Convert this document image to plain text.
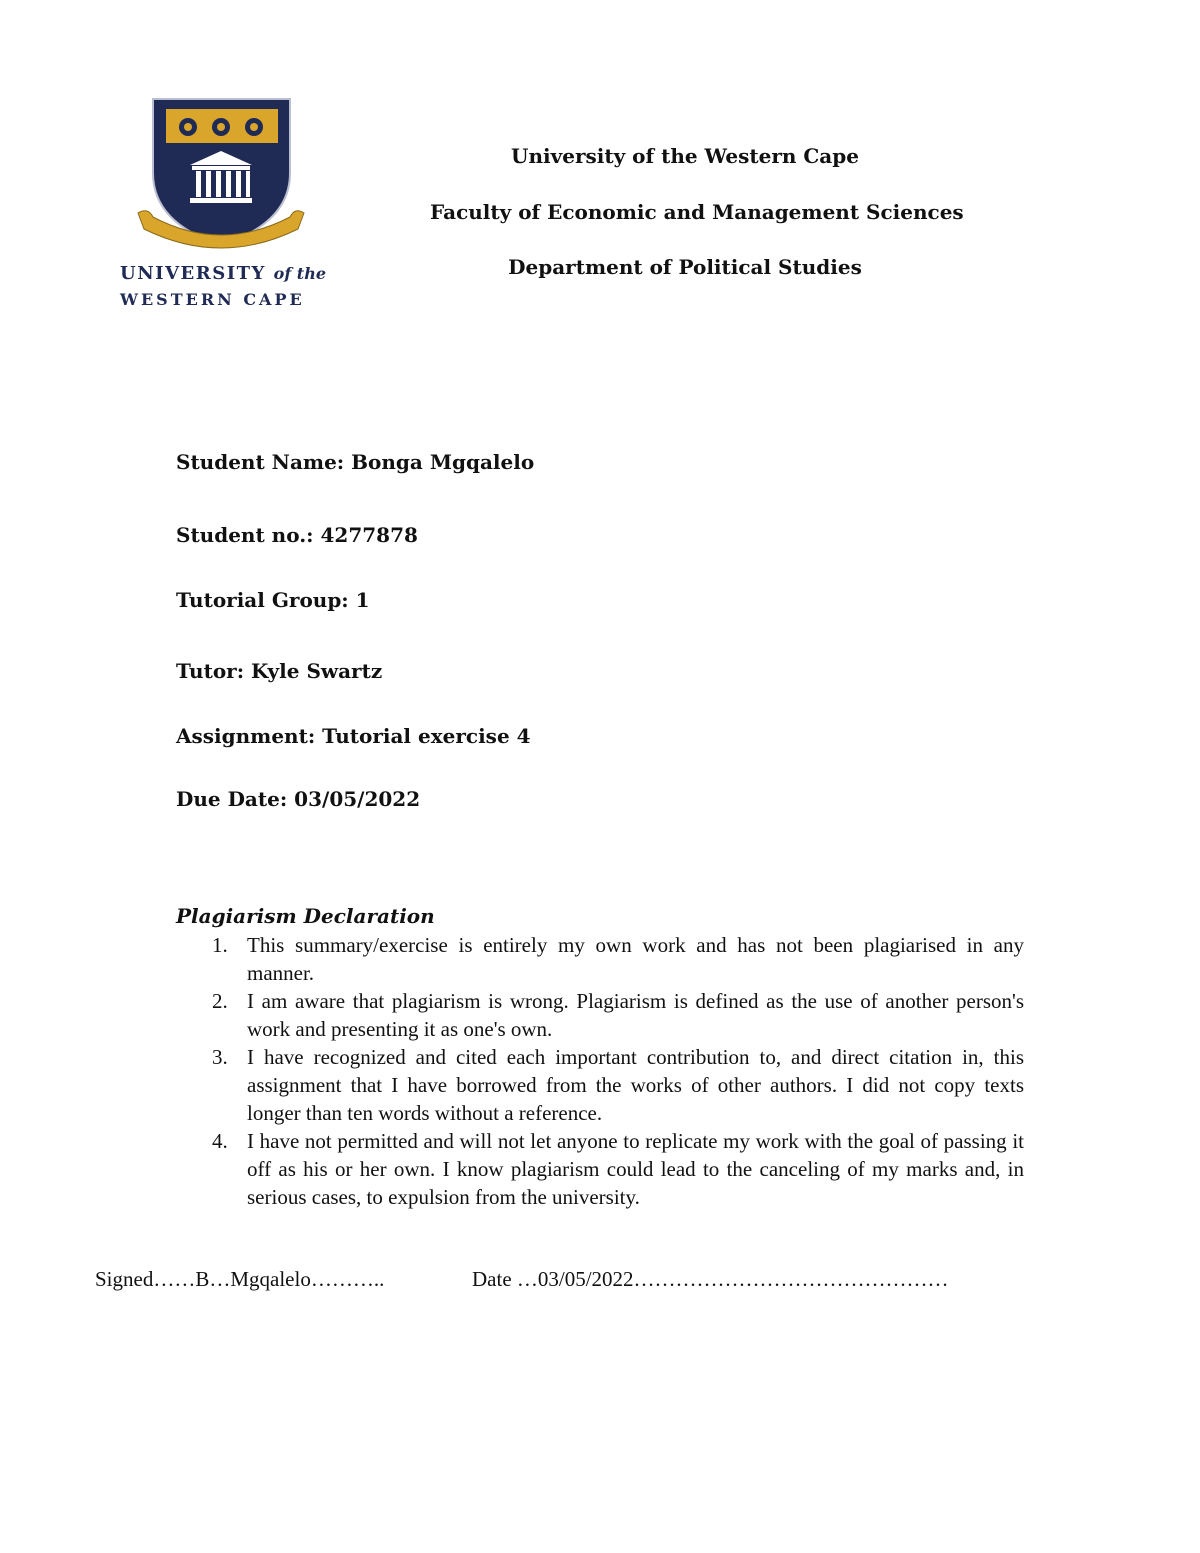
UNIVERSITY of the
WESTERN CAPE
University of the Western Cape
Faculty of Economic and Management Sciences
Department of Political Studies
Student Name: Bonga Mgqalelo
Student no.: 4277878
Tutorial Group: 1
Tutor: Kyle Swartz
Assignment: Tutorial exercise 4
Due Date: 03/05/2022
Plagiarism Declaration
1. This summary/exercise is entirely my own work and has not been plagiarised in any manner.
2. I am aware that plagiarism is wrong. Plagiarism is defined as the use of another person's work and presenting it as one's own.
3. I have recognized and cited each important contribution to, and direct citation in, this assignment that I have borrowed from the works of other authors. I did not copy texts longer than ten words without a reference.
4. I have not permitted and will not let anyone to replicate my work with the goal of passing it off as his or her own. I know plagiarism could lead to the canceling of my marks and, in serious cases, to expulsion from the university.
Signed……B…Mgqalelo………..	Date …03/05/2022………………………………………
